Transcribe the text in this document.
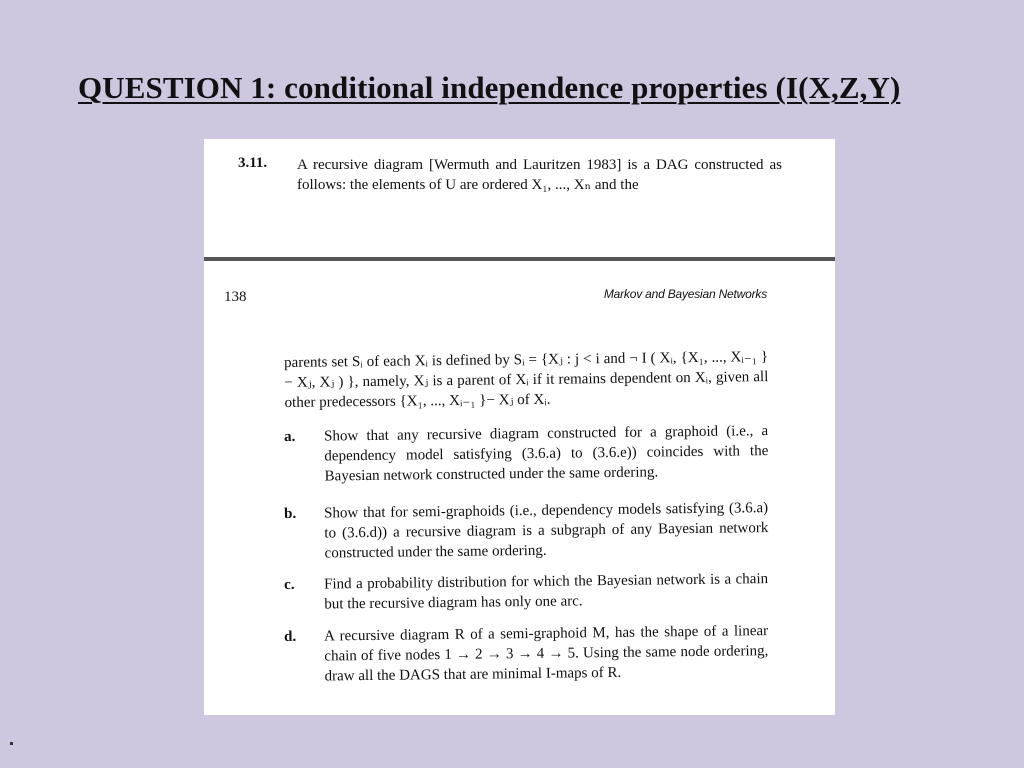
QUESTION 1: conditional independence properties (I(X,Z,Y)
3.11. A recursive diagram [Wermuth and Lauritzen 1983] is a DAG constructed as follows: the elements of U are ordered X₁, ..., Xₙ and the
138	Markov and Bayesian Networks
parents set Sᵢ of each Xᵢ is defined by Sᵢ = {Xⱼ : j < i and ¬ I ( Xᵢ, {X₁, ..., Xᵢ₋₁ }− Xⱼ, Xⱼ ) }, namely, Xⱼ is a parent of Xᵢ if it remains dependent on Xᵢ, given all other predecessors {X₁, ..., Xᵢ₋₁ }− Xⱼ of Xᵢ.
a. Show that any recursive diagram constructed for a graphoid (i.e., a dependency model satisfying (3.6.a) to (3.6.e)) coincides with the Bayesian network constructed under the same ordering.
b. Show that for semi-graphoids (i.e., dependency models satisfying (3.6.a) to (3.6.d)) a recursive diagram is a subgraph of any Bayesian network constructed under the same ordering.
c. Find a probability distribution for which the Bayesian network is a chain but the recursive diagram has only one arc.
d. A recursive diagram R of a semi-graphoid M, has the shape of a linear chain of five nodes 1 → 2 → 3 → 4 → 5. Using the same node ordering, draw all the DAGS that are minimal I-maps of R.
